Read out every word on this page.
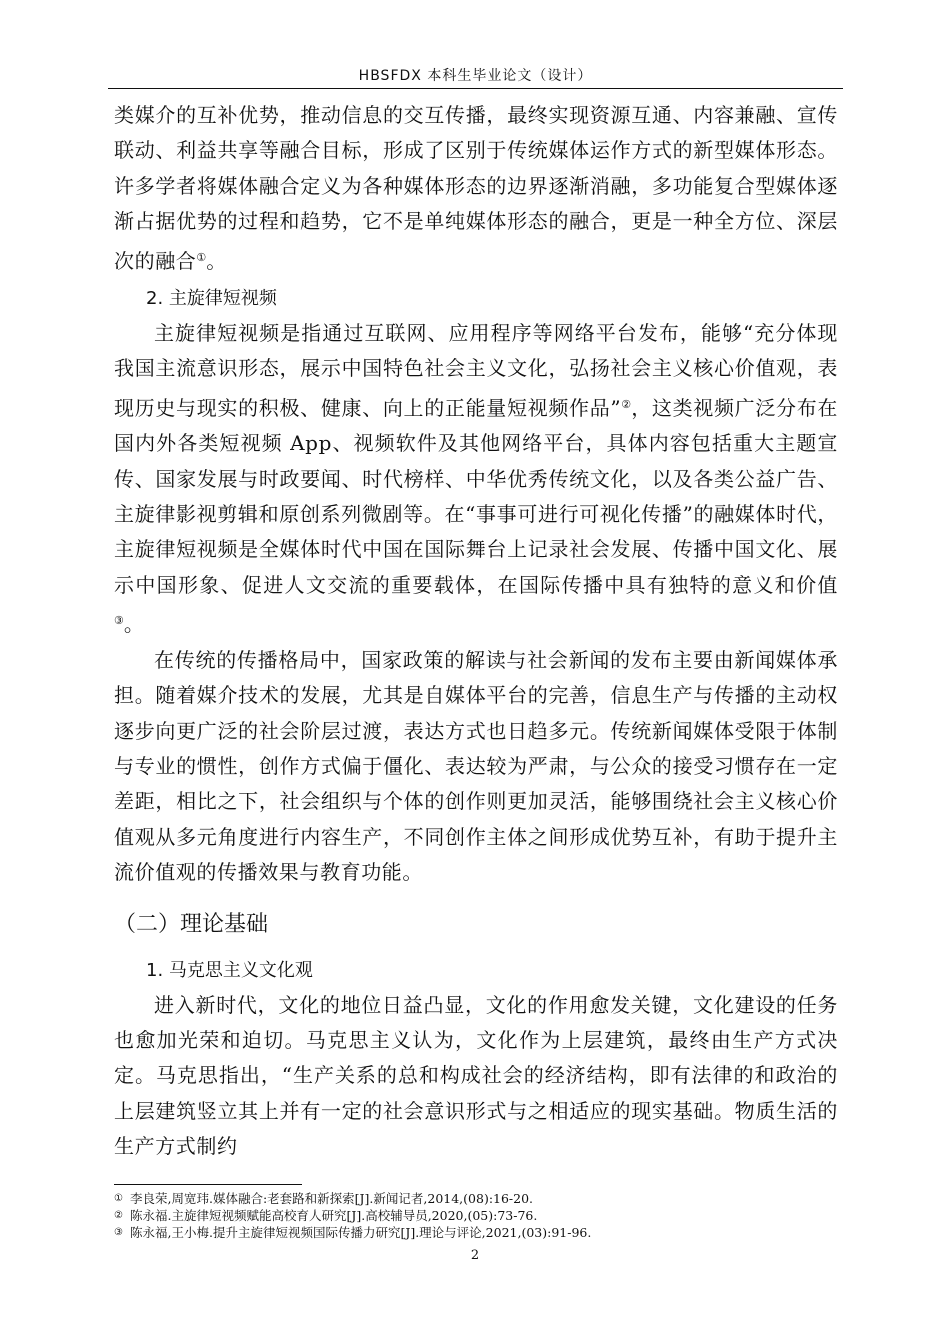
HBSFDX 本科生毕业论文（设计）

类媒介的互补优势，推动信息的交互传播，最终实现资源互通、内容兼融、宣传联动、利益共享等融合目标，形成了区别于传统媒体运作方式的新型媒体形态。许多学者将媒体融合定义为各种媒体形态的边界逐渐消融，多功能复合型媒体逐渐占据优势的过程和趋势，它不是单纯媒体形态的融合，更是一种全方位、深层次的融合①。

2. 主旋律短视频

主旋律短视频是指通过互联网、应用程序等网络平台发布，能够“充分体现我国主流意识形态，展示中国特色社会主义文化，弘扬社会主义核心价值观，表现历史与现实的积极、健康、向上的正能量短视频作品”②，这类视频广泛分布在国内外各类短视频 App、视频软件及其他网络平台，具体内容包括重大主题宣传、国家发展与时政要闻、时代榜样、中华优秀传统文化，以及各类公益广告、主旋律影视剪辑和原创系列微剧等。在“事事可进行可视化传播”的融媒体时代，主旋律短视频是全媒体时代中国在国际舞台上记录社会发展、传播中国文化、展示中国形象、促进人文交流的重要载体，在国际传播中具有独特的意义和价值③。

在传统的传播格局中，国家政策的解读与社会新闻的发布主要由新闻媒体承担。随着媒介技术的发展，尤其是自媒体平台的完善，信息生产与传播的主动权逐步向更广泛的社会阶层过渡，表达方式也日趋多元。传统新闻媒体受限于体制与专业的惯性，创作方式偏于僵化、表达较为严肃，与公众的接受习惯存在一定差距，相比之下，社会组织与个体的创作则更加灵活，能够围绕社会主义核心价值观从多元角度进行内容生产，不同创作主体之间形成优势互补，有助于提升主流价值观的传播效果与教育功能。

（二）理论基础
1. 马克思主义文化观

进入新时代，文化的地位日益凸显，文化的作用愈发关键，文化建设的任务也愈加光荣和迫切。马克思主义认为，文化作为上层建筑，最终由生产方式决定。马克思指出，“生产关系的总和构成社会的经济结构，即有法律的和政治的上层建筑竖立其上并有一定的社会意识形式与之相适应的现实基础。物质生活的生产方式制约

① 李良荣,周宽玮.媒体融合:老套路和新探索[J].新闻记者,2014,(08):16-20.
② 陈永福.主旋律短视频赋能高校育人研究[J].高校辅导员,2020,(05):73-76.
③ 陈永福,王小梅.提升主旋律短视频国际传播力研究[J].理论与评论,2021,(03):91-96.
2
